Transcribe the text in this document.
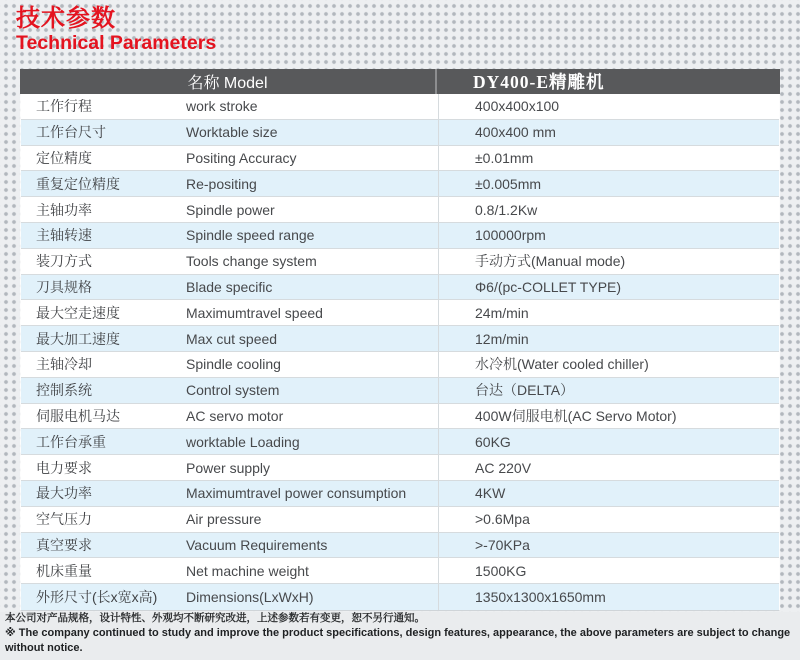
技术参数
Technical Parameters
名称 Model	DY400-E精雕机
工作行程	work stroke	400x400x100
工作台尺寸	Worktable size	400x400 mm
定位精度	Positing Accuracy	±0.01mm
重复定位精度	Re-positing	±0.005mm
主轴功率	Spindle power	0.8/1.2Kw
主轴转速	Spindle speed range	100000rpm
装刀方式	Tools change system	手动方式(Manual mode)
刀具规格	Blade specific	Φ6/(pc-COLLET TYPE)
最大空走速度	Maximumtravel speed	24m/min
最大加工速度	Max cut speed	12m/min
主轴冷却	Spindle cooling	水冷机(Water cooled chiller)
控制系统	Control system	台达（DELTA）
伺服电机马达	AC servo motor	400W伺服电机(AC Servo Motor)
工作台承重	worktable Loading	60KG
电力要求	Power supply	AC 220V
最大功率	Maximumtravel power consumption	4KW
空气压力	Air pressure	>0.6Mpa
真空要求	Vacuum Requirements	>-70KPa
机床重量	Net machine weight	1500KG
外形尺寸(长x宽x高)	Dimensions(LxWxH)	1350x1300x1650mm
本公司对产品规格，设计特性、外观均不断研究改进，上述参数若有变更，恕不另行通知。
※ The company continued to study and improve the product specifications, design features, appearance, the above parameters are subject to change without notice.
